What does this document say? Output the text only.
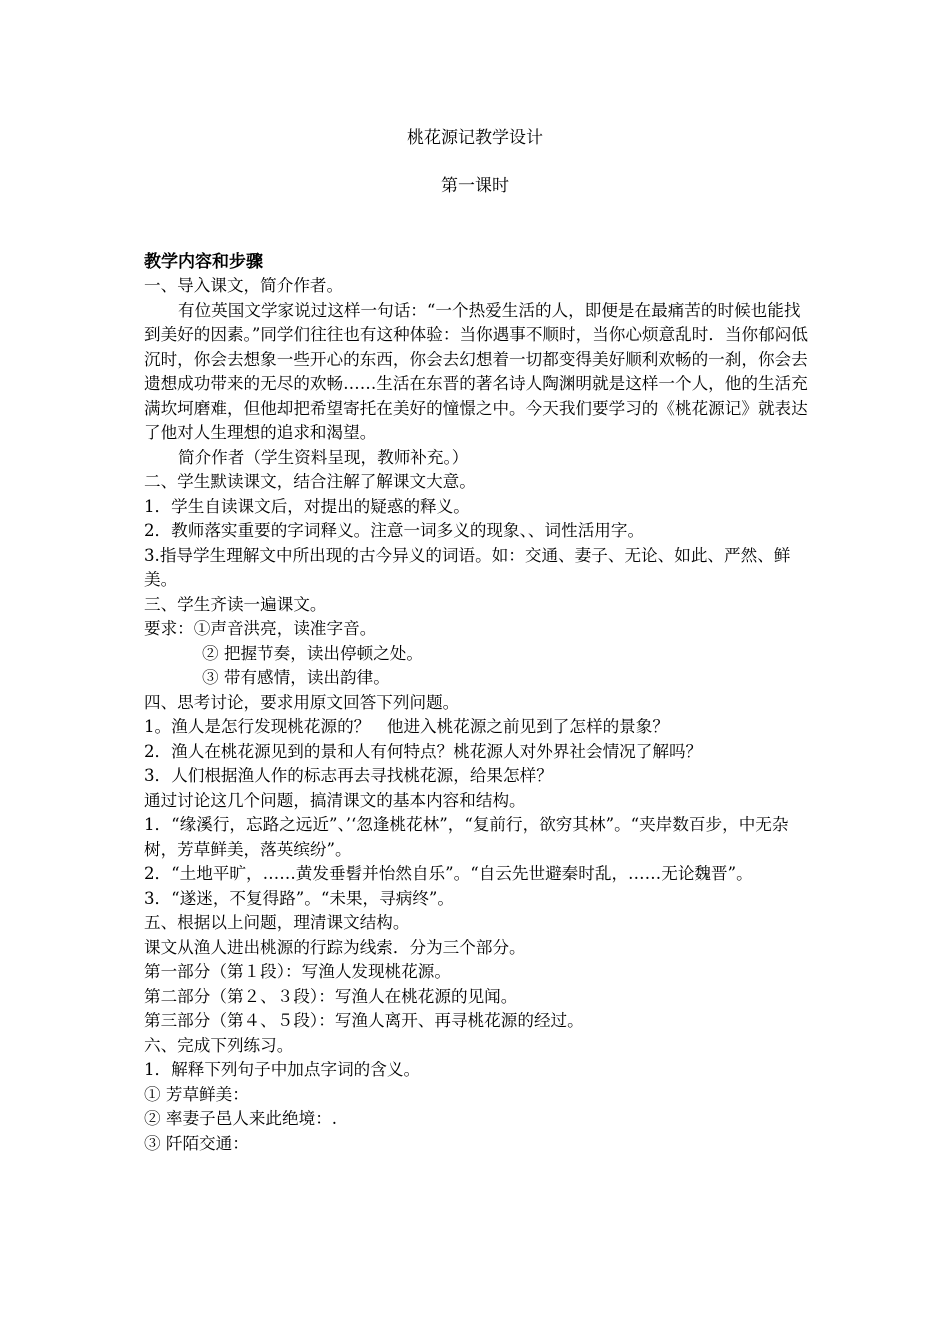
桃花源记教学设计
第一课时
教学内容和步骤

一、导入课文，简介作者。

有位英国文学家说过这样一句话：“一个热爱生活的人，即便是在最痛苦的时候也能找到美好的因素。”同学们往往也有这种体验：当你遇事不顺时，当你心烦意乱时．当你郁闷低沉时，你会去想象一些开心的东西，你会去幻想着一切都变得美好顺利欢畅的一刹，你会去遗想成功带来的无尽的欢畅……生活在东晋的著名诗人陶渊明就是这样一个人，他的生活充满坎坷磨难，但他却把希望寄托在美好的憧憬之中。今天我们要学习的《桃花源记》就表达了他对人生理想的追求和渴望。

简介作者（学生资料呈现，教师补充。）

二、学生默读课文，结合注解了解课文大意。

1．学生自读课文后，对提出的疑惑的释义。

2．教师落实重要的字词释义。注意一词多义的现象、、词性活用字。

3.指导学生理解文中所出现的古今异义的词语。如：交通、妻子、无论、如此、严然、鲜美。

三、学生齐读一遍课文。

要求：①声音洪亮，读准字音。

② 把握节奏，读出停顿之处。

③ 带有感情，读出韵律。

四、思考讨论，要求用原文回答下列问题。

1。渔人是怎行发现桃花源的？　他进入桃花源之前见到了怎样的景象？

2．渔人在桃花源见到的景和人有何特点？桃花源人对外界社会情况了解吗？

3．人们根据渔人作的标志再去寻找桃花源，给果怎样？

通过讨论这几个问题，搞清课文的基本内容和结构。

1．“缘溪行，忘路之远近”、’‘忽逢桃花林”，“复前行，欲穷其林”。“夹岸数百步，中无杂树，芳草鲜美，落英缤纷”。

2．“土地平旷，……黄发垂髫并怡然自乐”。“自云先世避秦时乱，……无论魏晋”。

3．“遂迷，不复得路”。“未果，寻病终”。

五、根据以上问题，理清课文结构。

课文从渔人进出桃源的行踪为线索．分为三个部分。

第一部分（第１段）：写渔人发现桃花源。

第二部分（第２、３段）：写渔人在桃花源的见闻。

第三部分（第４、５段）：写渔人离开、再寻桃花源的经过。

六、完成下列练习。

1．解释下列句子中加点字词的含义。

① 芳草鲜美：

② 率妻子邑人来此绝境：.

③ 阡陌交通：
